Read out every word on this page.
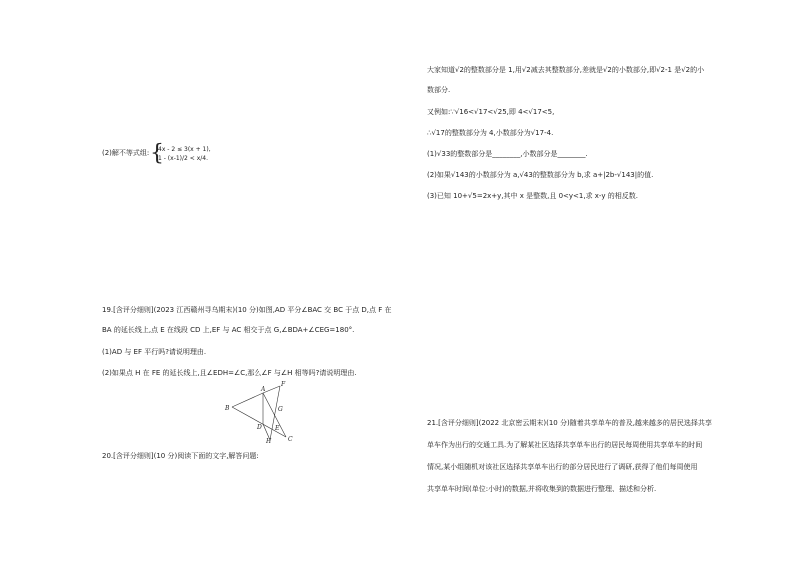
(2)解不等式组: {
4x - 2 ≤ 3(x + 1),
1 - (x-1)/2 < x/4.
19.[含评分细则](2023 江西赣州寻乌期末)(10 分)如图,AD 平分∠BAC 交 BC 于点 D,点 F 在
BA 的延长线上,点 E 在线段 CD 上,EF 与 AC 相交于点 G,∠BDA+∠CEG=180°.
(1)AD 与 EF 平行吗?请说明理由.
(2)如果点 H 在 FE 的延长线上,且∠EDH=∠C,那么∠F 与∠H 相等吗?请说明理由.
A
F
B	G
D E
H	C
20.[含评分细则](10 分)阅读下面的文字,解答问题:
大家知道√2的整数部分是 1,用√2减去其整数部分,差就是√2的小数部分,即√2-1 是√2的小
数部分.
又例如:∵√16<√17<√25,即 4<√17<5,
∴√17的整数部分为 4,小数部分为√17-4.
(1)√33的整数部分是________,小数部分是________.
(2)如果√143的小数部分为 a,√43的整数部分为 b,求 a+|2b-√143|的值.
(3)已知 10+√5=2x+y,其中 x 是整数,且 0<y<1,求 x-y 的相反数.
21.[含评分细则](2022 北京密云期末)(10 分)随着共享单车的普及,越来越多的居民选择共享
单车作为出行的交通工具.为了解某社区选择共享单车出行的居民每周使用共享单车的时间
情况,某小组随机对该社区选择共享单车出行的部分居民进行了调研,获得了他们每周使用
共享单车时间(单位:小时)的数据,并将收集到的数据进行整理、描述和分析.
